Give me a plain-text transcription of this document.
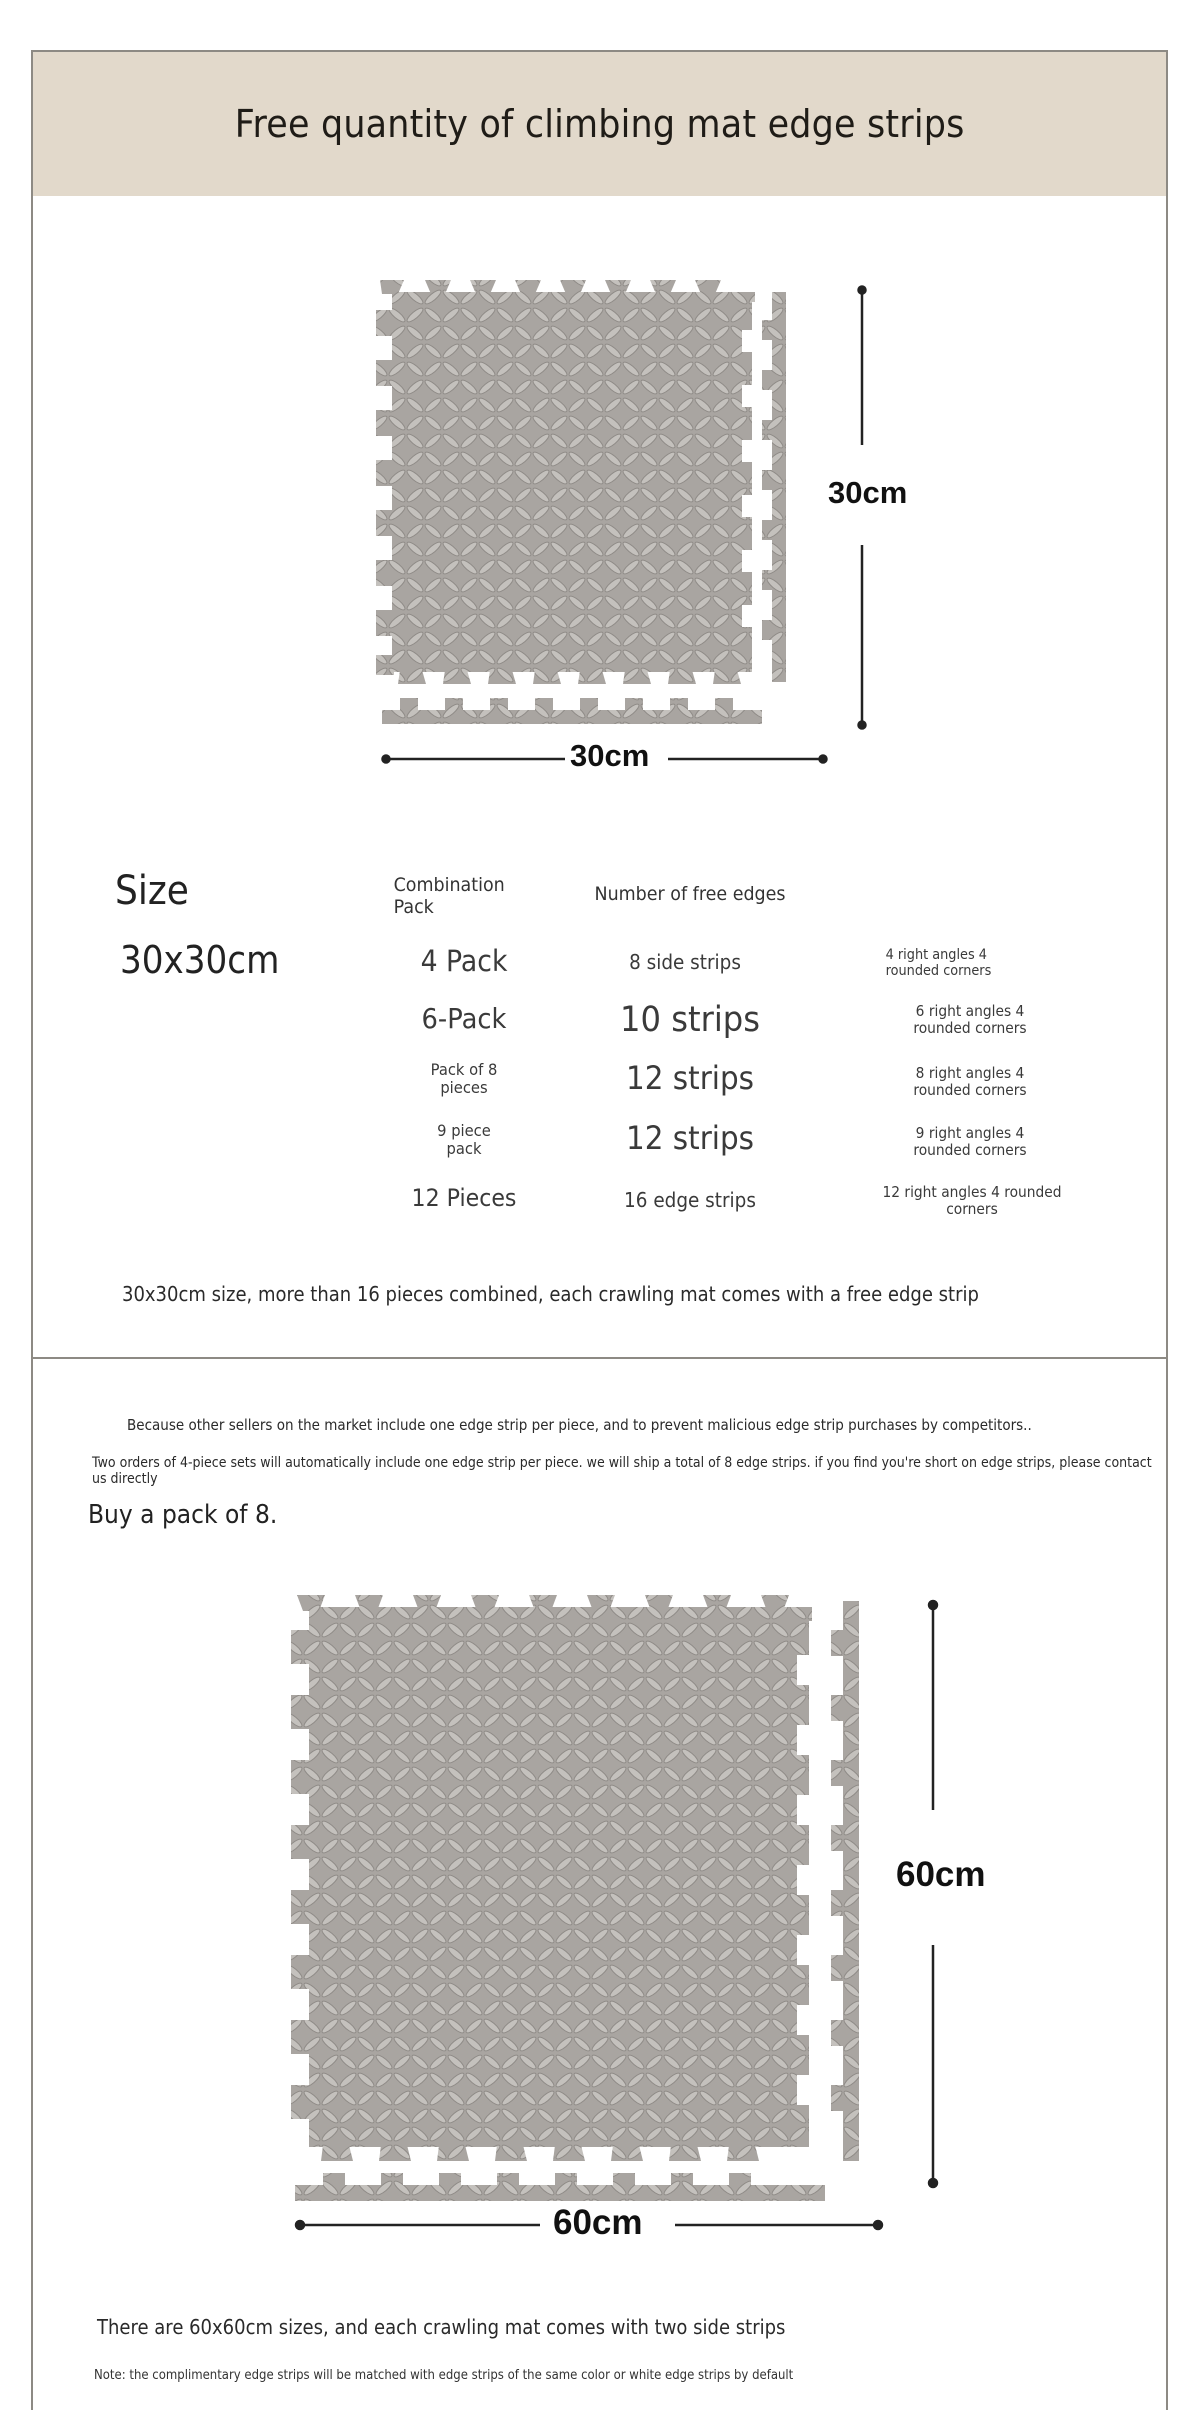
Free quantity of climbing mat edge strips
30cm
30cm
Size
30x30cm
Combination Pack
Number of free edges
4 Pack	8 side strips	4 right angles 4 rounded corners
6-Pack	10 strips	6 right angles 4 rounded corners
Pack of 8 pieces	12 strips	8 right angles 4 rounded corners
9 piece pack	12 strips	9 right angles 4 rounded corners
12 Pieces	16 edge strips	12 right angles 4 rounded corners
30x30cm size, more than 16 pieces combined, each crawling mat comes with a free edge strip
Because other sellers on the market include one edge strip per piece, and to prevent malicious edge strip purchases by competitors..
Two orders of 4-piece sets will automatically include one edge strip per piece. we will ship a total of 8 edge strips. if you find you're short on edge strips, please contact us directly
Buy a pack of 8.
60cm
60cm
There are 60x60cm sizes, and each crawling mat comes with two side strips
Note: the complimentary edge strips will be matched with edge strips of the same color or white edge strips by default
